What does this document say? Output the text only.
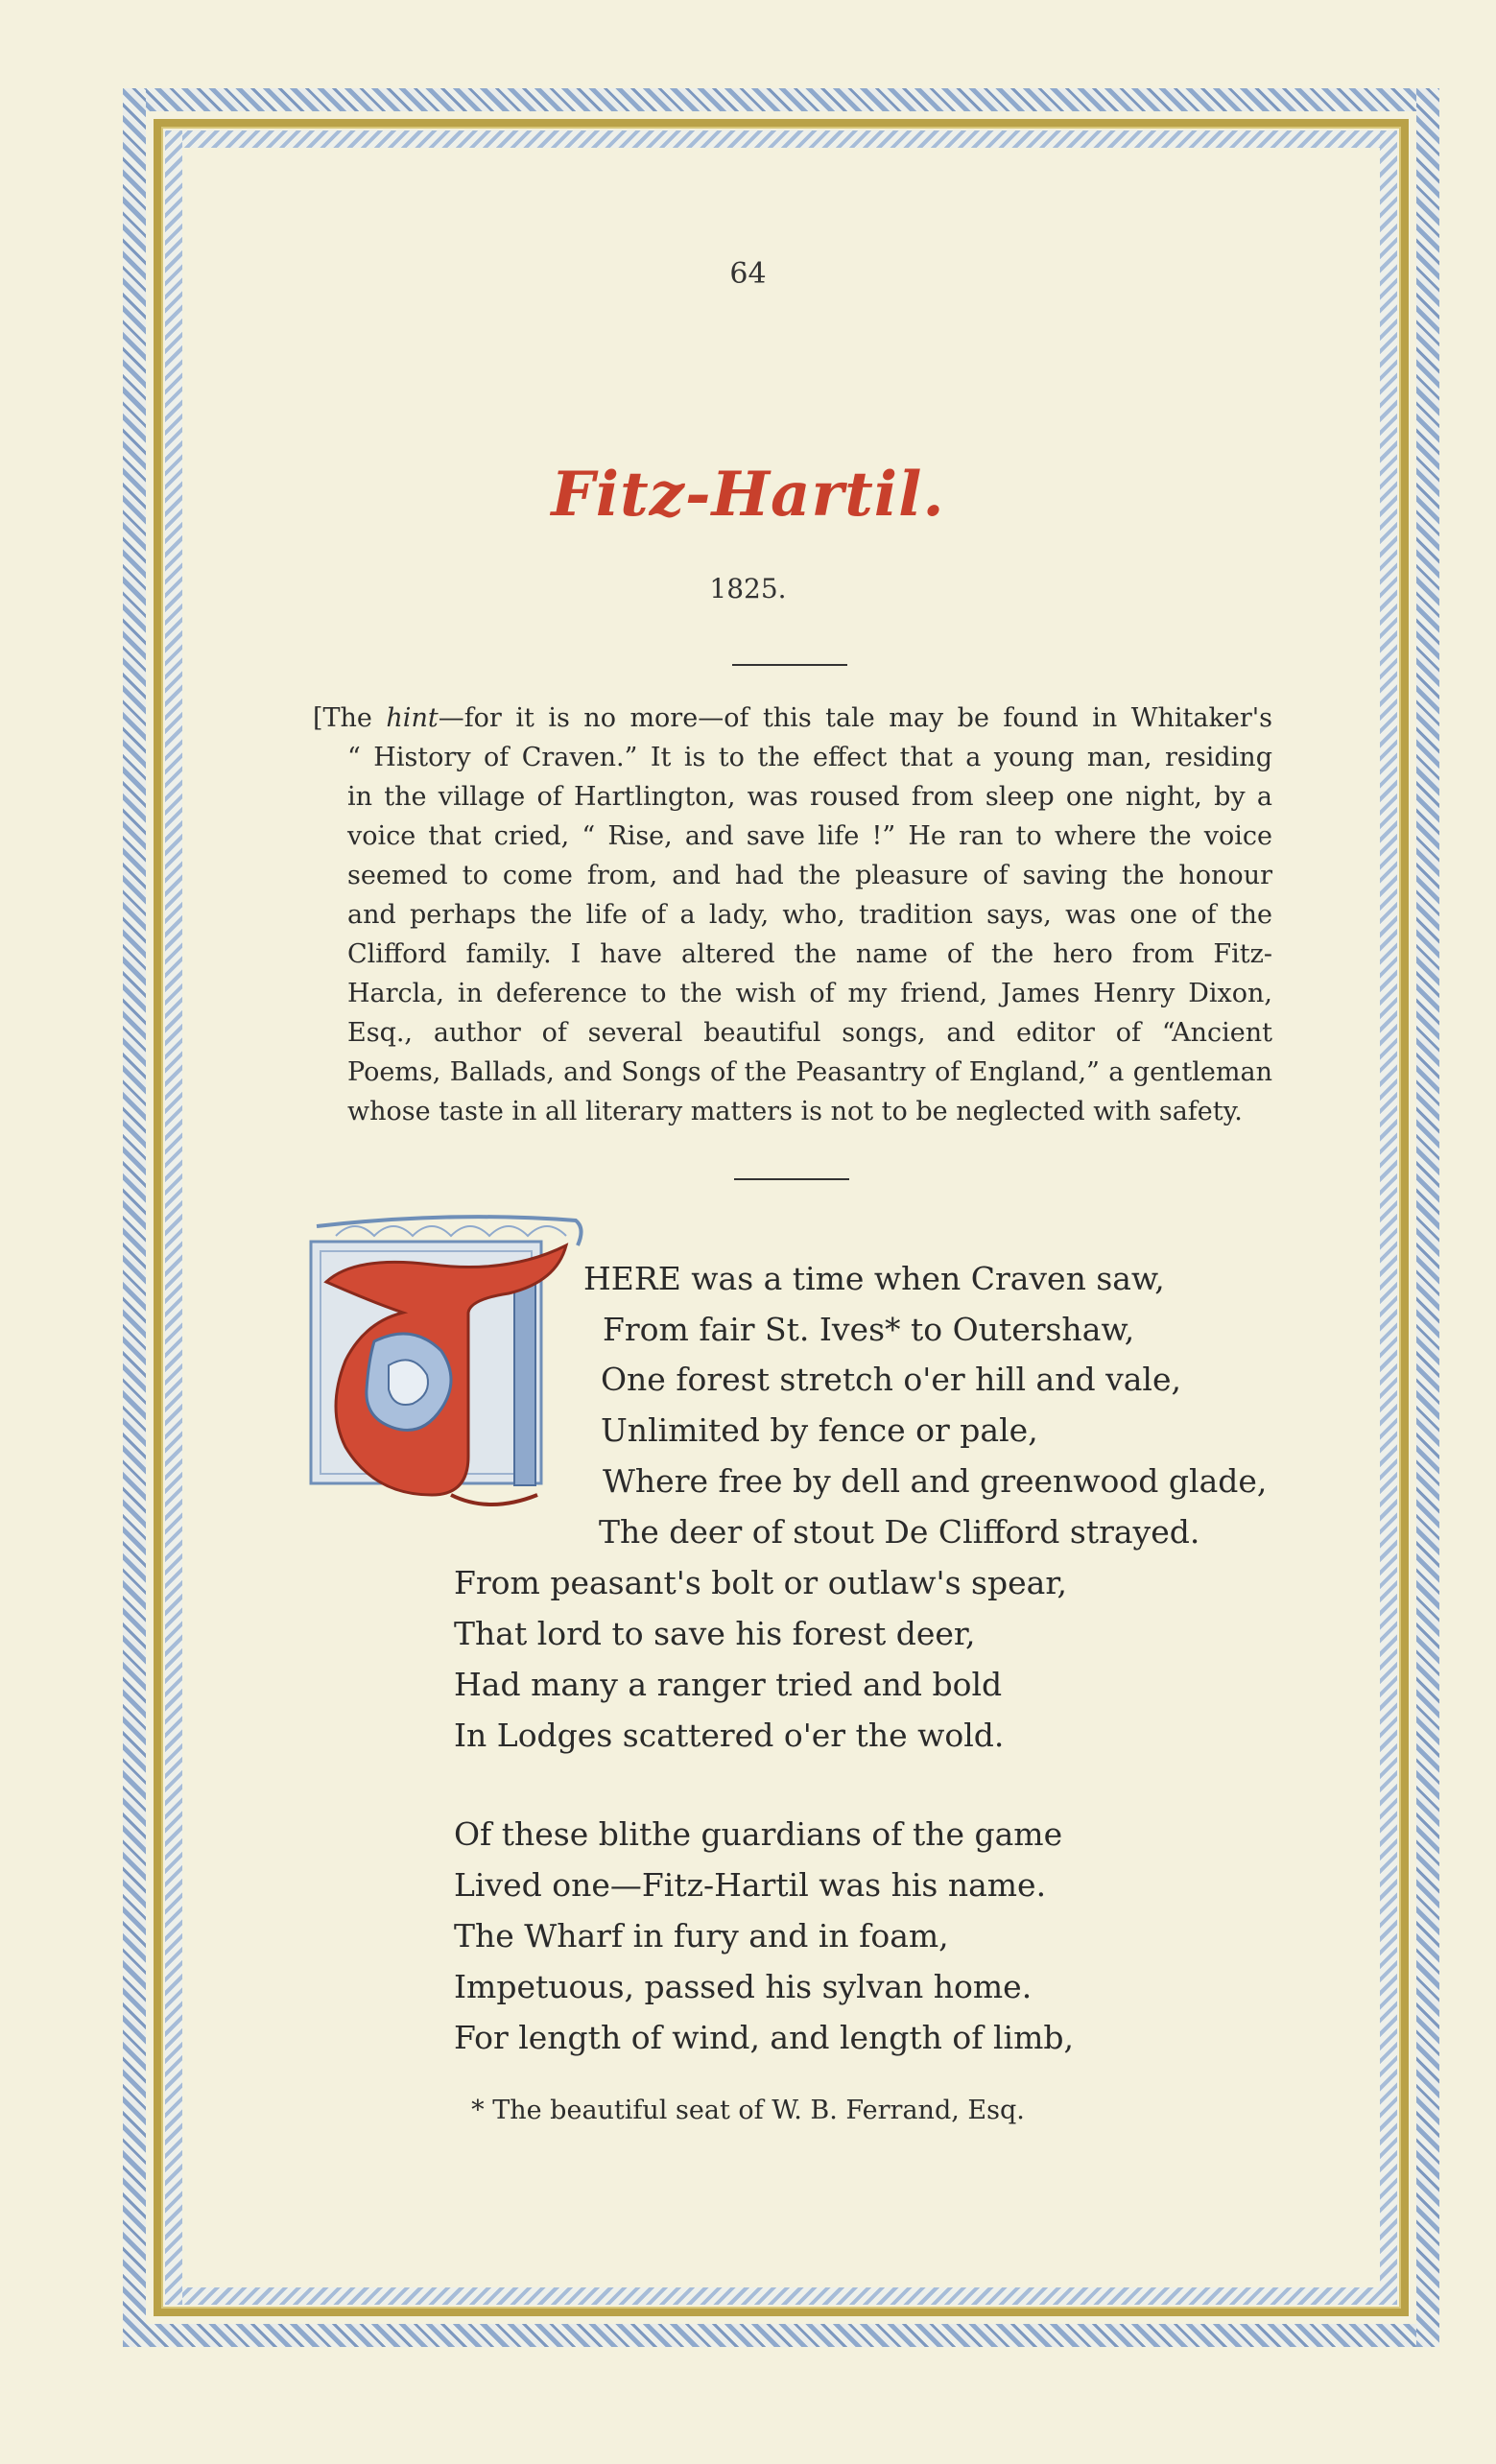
64
Fitz-Hartil.
1825.
[The hint—for it is no more—of this tale may be found in Whitaker's
“ History of Craven.” It is to the effect that a young man, residing
in the village of Hartlington, was roused from sleep one night, by a
voice that cried, “ Rise, and save life !” He ran to where the voice
seemed to come from, and had the pleasure of saving the honour
and perhaps the life of a lady, who, tradition says, was one of the
Clifford family. I have altered the name of the hero from Fitz-
Harcla, in deference to the wish of my friend, James Henry Dixon,
Esq., author of several beautiful songs, and editor of “Ancient
Poems, Ballads, and Songs of the Peasantry of England,” a gentleman
whose taste in all literary matters is not to be neglected with safety.
HERE was a time when Craven saw,
From fair St. Ives* to Outershaw,
One forest stretch o'er hill and vale,
Unlimited by fence or pale,
Where free by dell and greenwood glade,
The deer of stout De Clifford strayed.
From peasant's bolt or outlaw's spear,
That lord to save his forest deer,
Had many a ranger tried and bold
In Lodges scattered o'er the wold.
Of these blithe guardians of the game
Lived one—Fitz-Hartil was his name.
The Wharf in fury and in foam,
Impetuous, passed his sylvan home.
For length of wind, and length of limb,
* The beautiful seat of W. B. Ferrand, Esq.
